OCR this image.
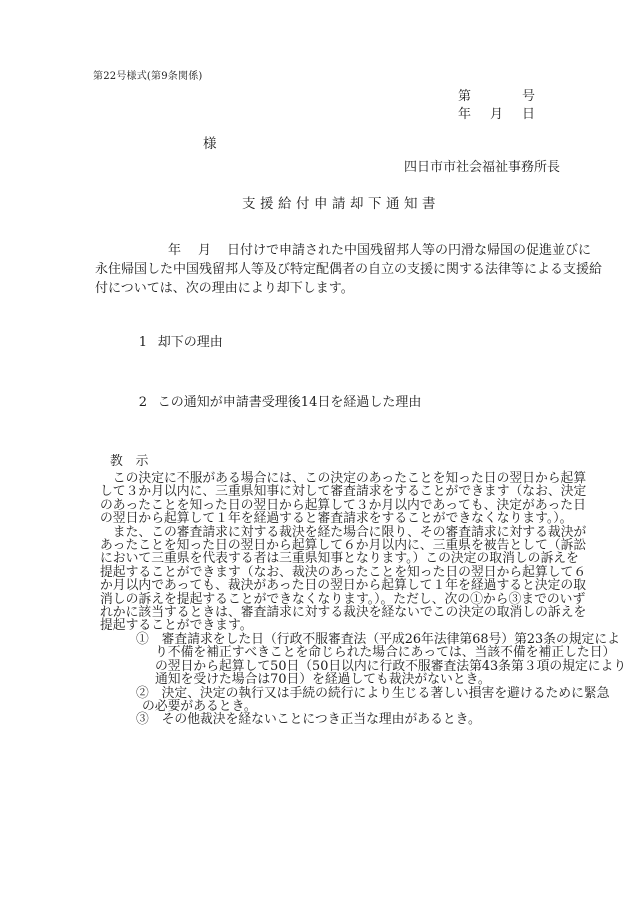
第22号様式(第9条関係)
第	号
年 月 日
様
四日市市社会福祉事務所長
支援給付申請却下通知書

年

月

日付けで申請された中国残留邦人等の円滑な帰国の促進並びに

永住帰国した中国残留邦人等及び特定配偶者の自立の支援に関する法律等による支援給
付については、次の理由により却下します。

1 却下の理由

2 この通知が申請書受理後14日を経過した理由

教　示
　この決定に不服がある場合には、この決定のあったことを知った日の翌日から起算
して３か月以内に、三重県知事に対して審査請求をすることができます（なお、決定
のあったことを知った日の翌日から起算して３か月以内であっても、決定があった日
の翌日から起算して１年を経過すると審査請求をすることができなくなります。）。
　また、この審査請求に対する裁決を経た場合に限り、その審査請求に対する裁決が
あったことを知った日の翌日から起算して６か月以内に、三重県を被告として（訴訟
において三重県を代表する者は三重県知事となります。）この決定の取消しの訴えを
提起することができます（なお、裁決のあったことを知った日の翌日から起算して６
か月以内であっても、裁決があった日の翌日から起算して１年を経過すると決定の取
消しの訴えを提起することができなくなります。）。ただし、次の①から③までのいず
れかに該当するときは、審査請求に対する裁決を経ないでこの決定の取消しの訴えを
提起することができます。
①　審査請求をした日（行政不服審査法（平成26年法律第68号）第23条の規定によ
り不備を補正すべきことを命じられた場合にあっては、当該不備を補正した日）
の翌日から起算して50日（50日以内に行政不服審査法第43条第３項の規定により
通知を受けた場合は70日）を経過しても裁決がないとき。
②　決定、決定の執行又は手続の続行により生じる著しい損害を避けるために緊急
の必要があるとき。
③　その他裁決を経ないことにつき正当な理由があるとき。
